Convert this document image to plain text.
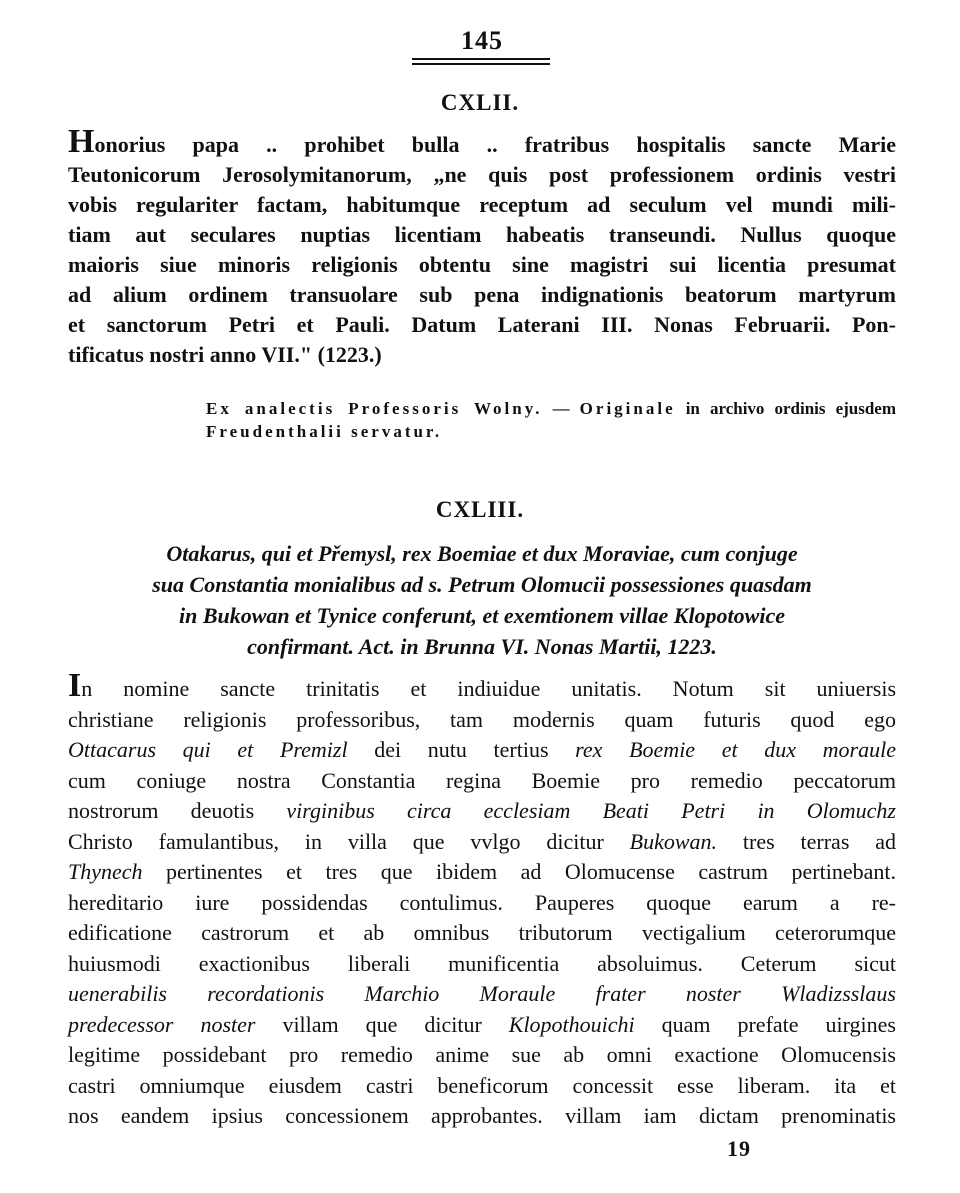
145
CXLII.
Honorius papa .. prohibet bulla .. fratribus hospitalis sancte Marie
Teutonicorum Jerosolymitanorum, „ne quis post professionem ordinis vestri
vobis regulariter factam, habitumque receptum ad seculum vel mundi mili-
tiam aut seculares nuptias licentiam habeatis transeundi. Nullus quoque
maioris siue minoris religionis obtentu sine magistri sui licentia presumat
ad alium ordinem transuolare sub pena indignationis beatorum martyrum
et sanctorum Petri et Pauli. Datum Laterani III. Nonas Februarii. Pon-
tificatus nostri anno VII." (1223.)
Ex analectis Professoris Wolny. — Originale in archivo ordinis ejusdem
Freudenthalii servatur.
CXLIII.
Otakarus, qui et Přemysl, rex Boemiae et dux Moraviae, cum conjuge
sua Constantia monialibus ad s. Petrum Olomucii possessiones quasdam
in Bukowan et Tynice conferunt, et exemtionem villae Klopotowice
confirmant. Act. in Brunna VI. Nonas Martii, 1223.
In nomine sancte trinitatis et indiuidue unitatis. Notum sit uniuersis
christiane religionis professoribus, tam modernis quam futuris quod ego
Ottacarus qui et Premizl dei nutu tertius rex Boemie et dux moraule
cum coniuge nostra Constantia regina Boemie pro remedio peccatorum
nostrorum deuotis virginibus circa ecclesiam Beati Petri in Olomuchz
Christo famulantibus, in villa que vvlgo dicitur Bukowan. tres terras ad
Thynech pertinentes et tres que ibidem ad Olomucense castrum pertinebant.
hereditario iure possidendas contulimus. Pauperes quoque earum a re-
edificatione castrorum et ab omnibus tributorum vectigalium ceterorumque
huiusmodi exactionibus liberali munificentia absoluimus. Ceterum sicut
uenerabilis recordationis Marchio Moraule frater noster Wladizsslaus
predecessor noster villam que dicitur Klopothouichi quam prefate uirgines
legitime possidebant pro remedio anime sue ab omni exactione Olomucensis
castri omniumque eiusdem castri beneficorum concessit esse liberam. ita et
nos eandem ipsius concessionem approbantes. villam iam dictam prenominatis
19
